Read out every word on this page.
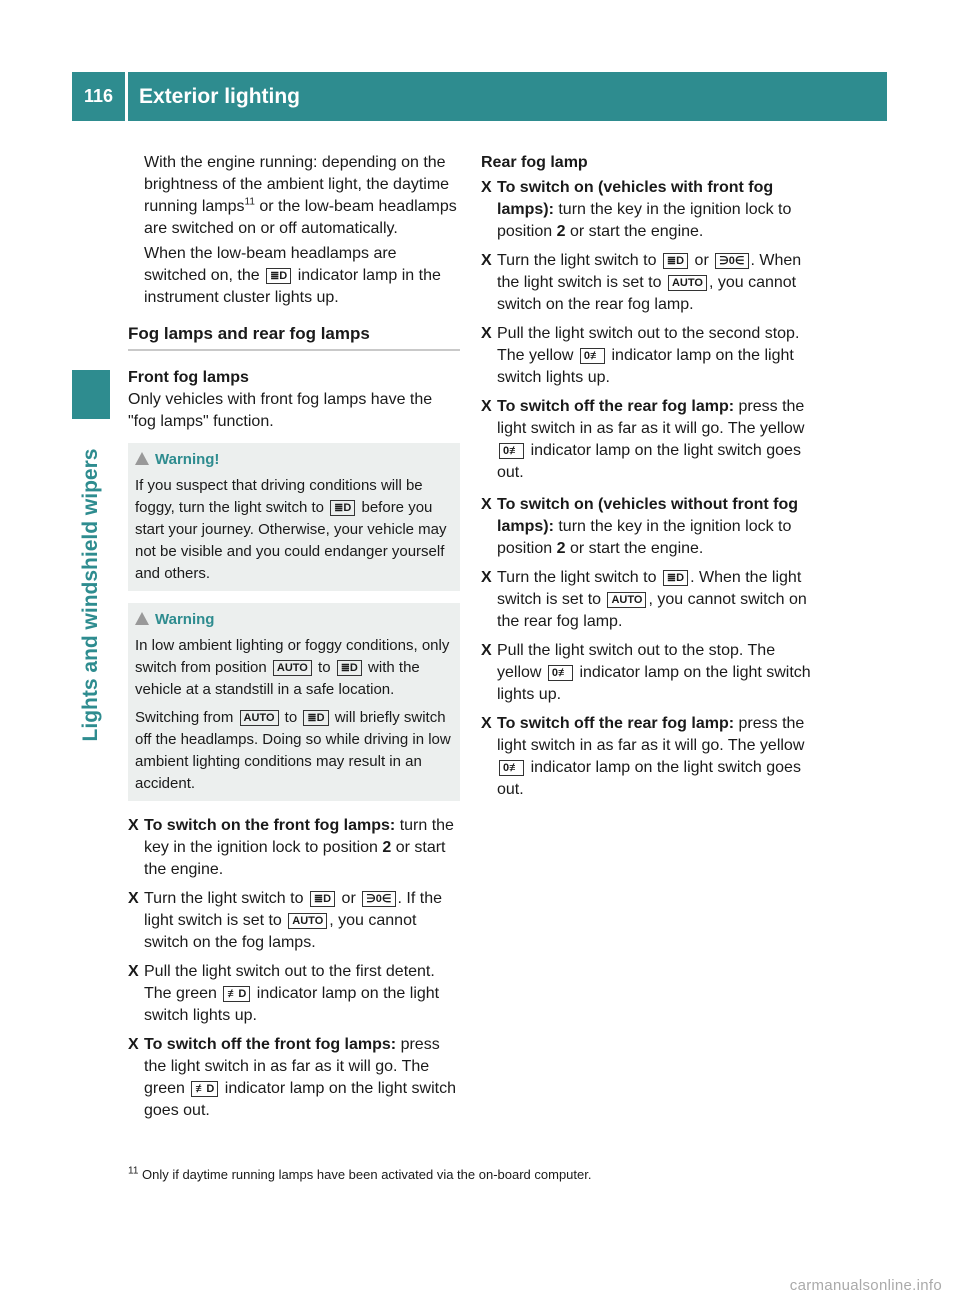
116	Exterior lighting
Lights and windshield wipers

With the engine running: depending on the brightness of the ambient light, the daytime running lamps$^{11}$ or the low-beam headlamps are switched on or off automatically.

When the low-beam headlamps are switched on, the ≣D indicator lamp in the instrument cluster lights up.

Fog lamps and rear fog lamps
Front fog lamps

Only vehicles with front fog lamps have the "fog lamps" function.

Warning!

If you suspect that driving conditions will be foggy, turn the light switch to ≣D before you start your journey. Otherwise, your vehicle may not be visible and you could endanger yourself and others.

Warning

In low ambient lighting or foggy conditions, only switch from position AUTO to ≣D with the vehicle at a standstill in a safe location.

Switching from AUTO to ≣D will briefly switch off the headlamps. Doing so while driving in low ambient lighting conditions may result in an accident.

X To switch on the front fog lamps: turn the key in the ignition lock to position 2 or start the engine.
X Turn the light switch to ≣D or ∋0∈ . If the light switch is set to AUTO , you cannot switch on the fog lamps.
X Pull the light switch out to the first detent. The green ≢D indicator lamp on the light switch lights up.
X To switch off the front fog lamps: press the light switch in as far as it will go. The green ≢D indicator lamp on the light switch goes out.
Rear fog lamp
X To switch on (vehicles with front fog lamps): turn the key in the ignition lock to position 2 or start the engine.
X Turn the light switch to ≣D or ∋0∈ . When the light switch is set to AUTO , you cannot switch on the rear fog lamp.
X Pull the light switch out to the second stop. The yellow 0≢ indicator lamp on the light switch lights up.
X To switch off the rear fog lamp: press the light switch in as far as it will go. The yellow 0≢ indicator lamp on the light switch goes out.
X To switch on (vehicles without front fog lamps): turn the key in the ignition lock to position 2 or start the engine.
X Turn the light switch to ≣D . When the light switch is set to AUTO , you cannot switch on the rear fog lamp.
X Pull the light switch out to the stop. The yellow 0≢ indicator lamp on the light switch lights up.
X To switch off the rear fog lamp: press the light switch in as far as it will go. The yellow 0≢ indicator lamp on the light switch goes out.
$^{11}$ Only if daytime running lamps have been activated via the on-board computer.
carmanualsonline.info
